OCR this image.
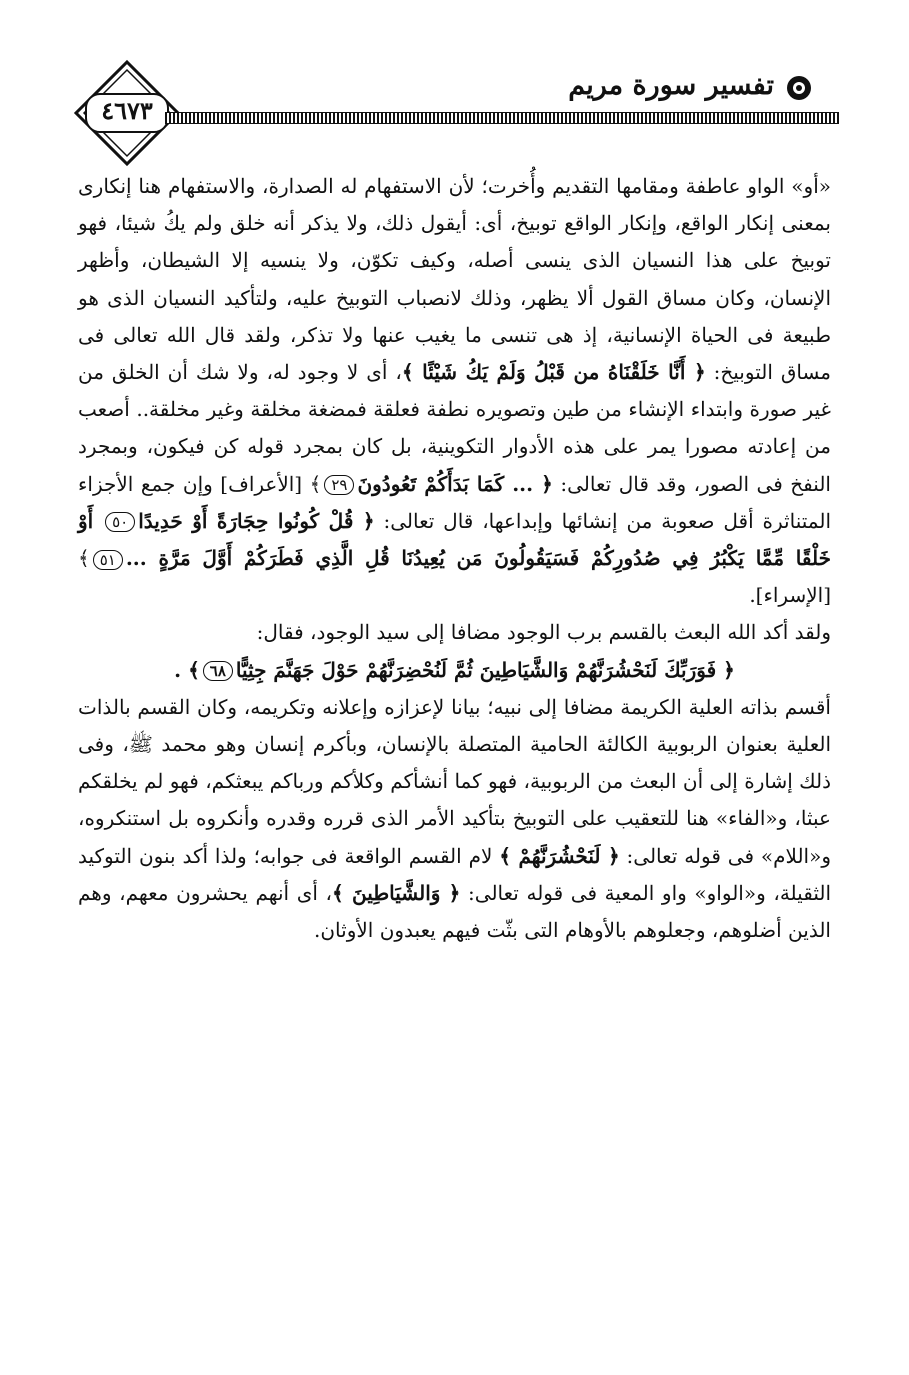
٤٦٧٣
تفسير سورة مريم

«أو» الواو عاطفة ومقامها التقديم وأُخرت؛ لأن الاستفهام له الصدارة، والاستفهام هنا إنكارى بمعنى إنكار الواقع، وإنكار الواقع توبيخ، أى: أيقول ذلك، ولا يذكر أنه خلق ولم يكُ شيئا، فهو توبيخ على هذا النسيان الذى ينسى أصله، وكيف تكوّن، ولا ينسيه إلا الشيطان، وأظهر الإنسان، وكان مساق القول ألا يظهر، وذلك لانصباب التوبيخ عليه، ولتأكيد النسيان الذى هو طبيعة فى الحياة الإنسانية، إذ هى تنسى ما يغيب عنها ولا تذكر، ولقد قال الله تعالى فى مساق التوبيخ: ﴿ أَنَّا خَلَقْنَاهُ من قَبْلُ وَلَمْ يَكُ شَيْئًا ﴾، أى لا وجود له، ولا شك أن الخلق من غير صورة وابتداء الإنشاء من طين وتصويره نطفة فعلقة فمضغة مخلقة وغير مخلقة.. أصعب من إعادته مصورا يمر على هذه الأدوار التكوينية، بل كان بمجرد قوله كن فيكون، وبمجرد النفخ فى الصور، وقد قال تعالى: ﴿ ... كَمَا بَدَأَكُمْ تَعُودُونَ٢٩﴾ [الأعراف] وإن جمع الأجزاء المتناثرة أقل صعوبة من إنشائها وإبداعها، قال تعالى: ﴿ قُلْ كُونُوا حِجَارَةً أَوْ حَدِيدًا٥٠ أَوْ خَلْقًا مِّمَّا يَكْبُرُ فِي صُدُورِكُمْ فَسَيَقُولُونَ مَن يُعِيدُنَا قُلِ الَّذِي فَطَرَكُمْ أَوَّلَ مَرَّةٍ ...٥١﴾ [الإسراء].

ولقد أكد الله البعث بالقسم برب الوجود مضافا إلى سيد الوجود، فقال:

﴿ فَوَرَبِّكَ لَنَحْشُرَنَّهُمْ وَالشَّيَاطِينَ ثُمَّ لَنُحْضِرَنَّهُمْ حَوْلَ جَهَنَّمَ جِثِيًّا٦٨﴾ .

أقسم بذاته العلية الكريمة مضافا إلى نبيه؛ بيانا لإعزازه وإعلانه وتكريمه، وكان القسم بالذات العلية بعنوان الربوبية الكالئة الحامية المتصلة بالإنسان، وبأكرم إنسان وهو محمد ﷺ، وفى ذلك إشارة إلى أن البعث من الربوبية، فهو كما أنشأكم وكلأكم ورباكم يبعثكم، فهو لم يخلقكم عبثا، و«الفاء» هنا للتعقيب على التوبيخ بتأكيد الأمر الذى قرره وقدره وأنكروه بل استنكروه، و«اللام» فى قوله تعالى: ﴿ لَنَحْشُرَنَّهُمْ ﴾ لام القسم الواقعة فى جوابه؛ ولذا أكد بنون التوكيد الثقيلة، و«الواو» واو المعية فى قوله تعالى: ﴿ وَالشَّيَاطِينَ ﴾، أى أنهم يحشرون معهم، وهم الذين أضلوهم، وجعلوهم بالأوهام التى بثّت فيهم يعبدون الأوثان.
